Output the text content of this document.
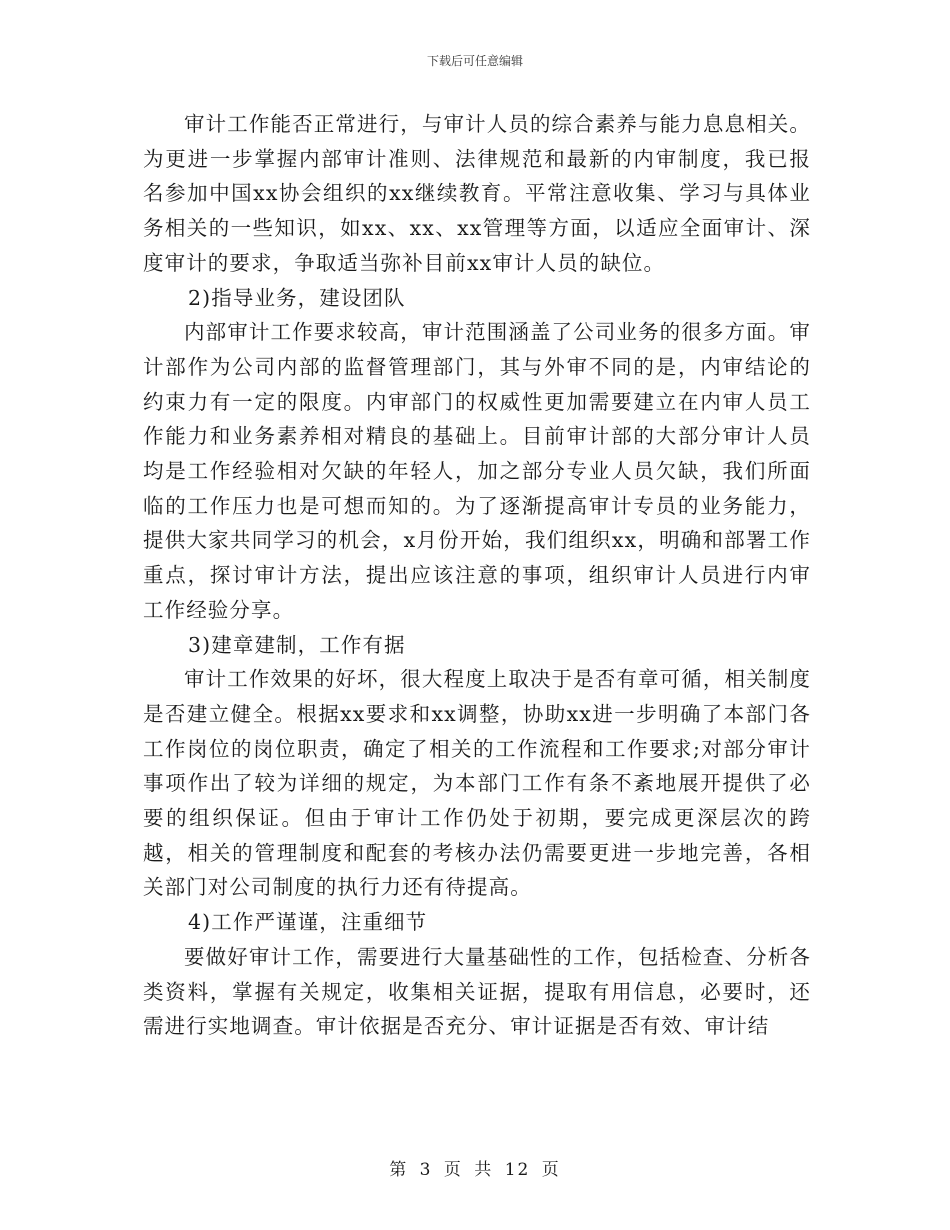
下载后可任意编辑

审计工作能否正常进行，与审计人员的综合素养与能力息息相关。为更进一步掌握内部审计准则、法律规范和最新的内审制度，我已报名参加中国xx协会组织的xx继续教育。平常注意收集、学习与具体业务相关的一些知识，如xx、xx、xx管理等方面，以适应全面审计、深度审计的要求，争取适当弥补目前xx审计人员的缺位。

2)指导业务，建设团队

内部审计工作要求较高，审计范围涵盖了公司业务的很多方面。审计部作为公司内部的监督管理部门，其与外审不同的是，内审结论的约束力有一定的限度。内审部门的权威性更加需要建立在内审人员工作能力和业务素养相对精良的基础上。目前审计部的大部分审计人员均是工作经验相对欠缺的年轻人，加之部分专业人员欠缺，我们所面临的工作压力也是可想而知的。为了逐渐提高审计专员的业务能力，提供大家共同学习的机会，x月份开始，我们组织xx，明确和部署工作重点，探讨审计方法，提出应该注意的事项，组织审计人员进行内审工作经验分享。

3)建章建制，工作有据

审计工作效果的好坏，很大程度上取决于是否有章可循，相关制度是否建立健全。根据xx要求和xx调整，协助xx进一步明确了本部门各工作岗位的岗位职责，确定了相关的工作流程和工作要求;对部分审计事项作出了较为详细的规定，为本部门工作有条不紊地展开提供了必要的组织保证。但由于审计工作仍处于初期，要完成更深层次的跨越，相关的管理制度和配套的考核办法仍需要更进一步地完善，各相关部门对公司制度的执行力还有待提高。

4)工作严谨谨，注重细节

要做好审计工作，需要进行大量基础性的工作，包括检查、分析各类资料，掌握有关规定，收集相关证据，提取有用信息，必要时，还需进行实地调查。审计依据是否充分、审计证据是否有效、审计结

第 3 页 共 12 页
